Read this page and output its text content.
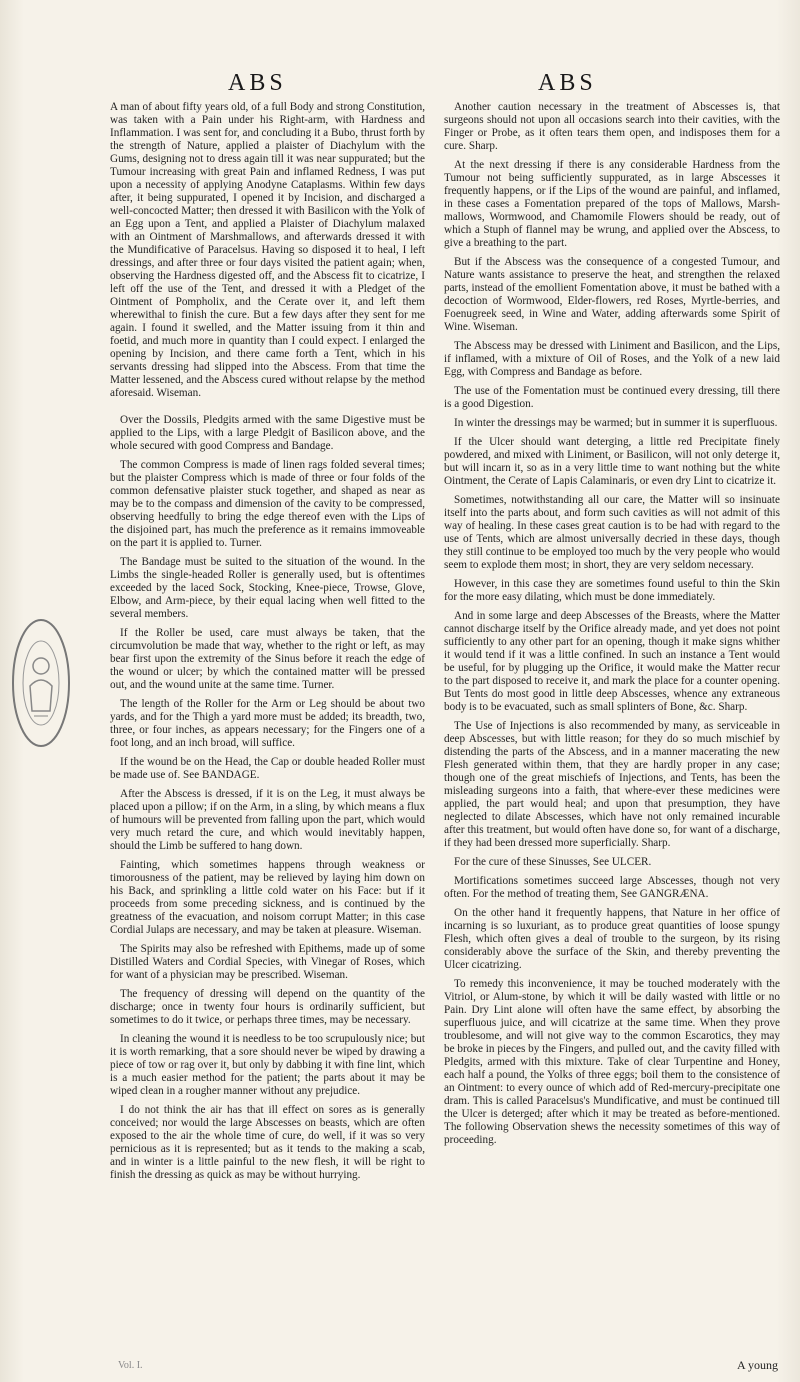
ABS	ABS

A man of about fifty years old, of a full Body and strong Constitution, was taken with a Pain under his Right-arm, with Hardness and Inflammation. I was sent for, and concluding it a Bubo, thrust forth by the strength of Nature, applied a plaister of Diachylum with the Gums, designing not to dress again till it was near suppurated; but the Tumour increasing with great Pain and inflamed Redness, I was put upon a necessity of applying Anodyne Cataplasms. Within few days after, it being suppurated, I opened it by Incision, and discharged a well-concocted Matter; then dressed it with Basilicon with the Yolk of an Egg upon a Tent, and applied a Plaister of Diachylum malaxed with an Ointment of Marshmallows, and afterwards dressed it with the Mundificative of Paracelsus. Having so disposed it to heal, I left dressings, and after three or four days visited the patient again; when, observing the Hardness digested off, and the Abscess fit to cicatrize, I left off the use of the Tent, and dressed it with a Pledget of the Ointment of Pompholix, and the Cerate over it, and left them wherewithal to finish the cure. But a few days after they sent for me again. I found it swelled, and the Matter issuing from it thin and foetid, and much more in quantity than I could expect. I enlarged the opening by Incision, and there came forth a Tent, which in his servants dressing had slipped into the Abscess. From that time the Matter lessened, and the Abscess cured without relapse by the method aforesaid. Wiseman.

Over the Dossils, Pledgits armed with the same Digestive must be applied to the Lips, with a large Pledgit of Basilicon above, and the whole secured with good Compress and Bandage.

The common Compress is made of linen rags folded several times; but the plaister Compress which is made of three or four folds of the common defensative plaister stuck together, and shaped as near as may be to the compass and dimension of the cavity to be compressed, observing heedfully to bring the edge thereof even with the Lips of the disjoined part, has much the preference as it remains immoveable on the part it is applied to. Turner.

The Bandage must be suited to the situation of the wound. In the Limbs the single-headed Roller is generally used, but is oftentimes exceeded by the laced Sock, Stocking, Knee-piece, Trowse, Glove, Elbow, and Arm-piece, by their equal lacing when well fitted to the several members.

If the Roller be used, care must always be taken, that the circumvolution be made that way, whether to the right or left, as may bear first upon the extremity of the Sinus before it reach the edge of the wound or ulcer; by which the contained matter will be pressed out, and the wound unite at the same time. Turner.

The length of the Roller for the Arm or Leg should be about two yards, and for the Thigh a yard more must be added; its breadth, two, three, or four inches, as appears necessary; for the Fingers one of a foot long, and an inch broad, will suffice.

If the wound be on the Head, the Cap or double headed Roller must be made use of. See BANDAGE.

After the Abscess is dressed, if it is on the Leg, it must always be placed upon a pillow; if on the Arm, in a sling, by which means a flux of humours will be prevented from falling upon the part, which would very much retard the cure, and which would inevitably happen, should the Limb be suffered to hang down.

Fainting, which sometimes happens through weakness or timorousness of the patient, may be relieved by laying him down on his Back, and sprinkling a little cold water on his Face: but if it proceeds from some preceding sickness, and is continued by the greatness of the evacuation, and noisom corrupt Matter; in this case Cordial Julaps are necessary, and may be taken at pleasure. Wiseman.

The Spirits may also be refreshed with Epithems, made up of some Distilled Waters and Cordial Species, with Vinegar of Roses, which for want of a physician may be prescribed. Wiseman.

The frequency of dressing will depend on the quantity of the discharge; once in twenty four hours is ordinarily sufficient, but sometimes to do it twice, or perhaps three times, may be necessary.

In cleaning the wound it is needless to be too scrupulously nice; but it is worth remarking, that a sore should never be wiped by drawing a piece of tow or rag over it, but only by dabbing it with fine lint, which is a much easier method for the patient; the parts about it may be wiped clean in a rougher manner without any prejudice.

I do not think the air has that ill effect on sores as is generally conceived; nor would the large Abscesses on beasts, which are often exposed to the air the whole time of cure, do well, if it was so very pernicious as it is represented; but as it tends to the making a scab, and in winter is a little painful to the new flesh, it will be right to finish the dressing as quick as may be without hurrying.

Another caution necessary in the treatment of Abscesses is, that surgeons should not upon all occasions search into their cavities, with the Finger or Probe, as it often tears them open, and indisposes them for a cure. Sharp.

At the next dressing if there is any considerable Hardness from the Tumour not being sufficiently suppurated, as in large Abscesses it frequently happens, or if the Lips of the wound are painful, and inflamed, in these cases a Fomentation prepared of the tops of Mallows, Marsh-mallows, Wormwood, and Chamomile Flowers should be ready, out of which a Stuph of flannel may be wrung, and applied over the Abscess, to give a breathing to the part.

But if the Abscess was the consequence of a congested Tumour, and Nature wants assistance to preserve the heat, and strengthen the relaxed parts, instead of the emollient Fomentation above, it must be bathed with a decoction of Wormwood, Elder-flowers, red Roses, Myrtle-berries, and Foenugreek seed, in Wine and Water, adding afterwards some Spirit of Wine. Wiseman.

The Abscess may be dressed with Liniment and Basilicon, and the Lips, if inflamed, with a mixture of Oil of Roses, and the Yolk of a new laid Egg, with Compress and Bandage as before.

The use of the Fomentation must be continued every dressing, till there is a good Digestion.

In winter the dressings may be warmed; but in summer it is superfluous.

If the Ulcer should want deterging, a little red Precipitate finely powdered, and mixed with Liniment, or Basilicon, will not only deterge it, but will incarn it, so as in a very little time to want nothing but the white Ointment, the Cerate of Lapis Calaminaris, or even dry Lint to cicatrize it.

Sometimes, notwithstanding all our care, the Matter will so insinuate itself into the parts about, and form such cavities as will not admit of this way of healing. In these cases great caution is to be had with regard to the use of Tents, which are almost universally decried in these days, though they still continue to be employed too much by the very people who would seem to explode them most; in short, they are very seldom necessary.

However, in this case they are sometimes found useful to thin the Skin for the more easy dilating, which must be done immediately.

And in some large and deep Abscesses of the Breasts, where the Matter cannot discharge itself by the Orifice already made, and yet does not point sufficiently to any other part for an opening, though it make signs whither it would tend if it was a little confined. In such an instance a Tent would be useful, for by plugging up the Orifice, it would make the Matter recur to the part disposed to receive it, and mark the place for a counter opening. But Tents do most good in little deep Abscesses, whence any extraneous body is to be evacuated, such as small splinters of Bone, &c. Sharp.

The Use of Injections is also recommended by many, as serviceable in deep Abscesses, but with little reason; for they do so much mischief by distending the parts of the Abscess, and in a manner macerating the new Flesh generated within them, that they are hardly proper in any case; though one of the great mischiefs of Injections, and Tents, has been the misleading surgeons into a faith, that where-ever these medicines were applied, the part would heal; and upon that presumption, they have neglected to dilate Abscesses, which have not only remained incurable after this treatment, but would often have done so, for want of a discharge, if they had been dressed more superficially. Sharp.

For the cure of these Sinusses, See ULCER.

Mortifications sometimes succeed large Abscesses, though not very often. For the method of treating them, See GANGRÆNA.

On the other hand it frequently happens, that Nature in her office of incarning is so luxuriant, as to produce great quantities of loose spungy Flesh, which often gives a deal of trouble to the surgeon, by its rising considerably above the surface of the Skin, and thereby preventing the Ulcer cicatrizing.

To remedy this inconvenience, it may be touched moderately with the Vitriol, or Alum-stone, by which it will be daily wasted with little or no Pain. Dry Lint alone will often have the same effect, by absorbing the superfluous juice, and will cicatrize at the same time. When they prove troublesome, and will not give way to the common Escarotics, they may be broke in pieces by the Fingers, and pulled out, and the cavity filled with Pledgits, armed with this mixture. Take of clear Turpentine and Honey, each half a pound, the Yolks of three eggs; boil them to the consistence of an Ointment: to every ounce of which add of Red-mercury-precipitate one dram. This is called Paracelsus's Mundificative, and must be continued till the Ulcer is deterged; after which it may be treated as before-mentioned. The following Observation shews the necessity sometimes of this way of proceeding.

Vol. I.	A young
